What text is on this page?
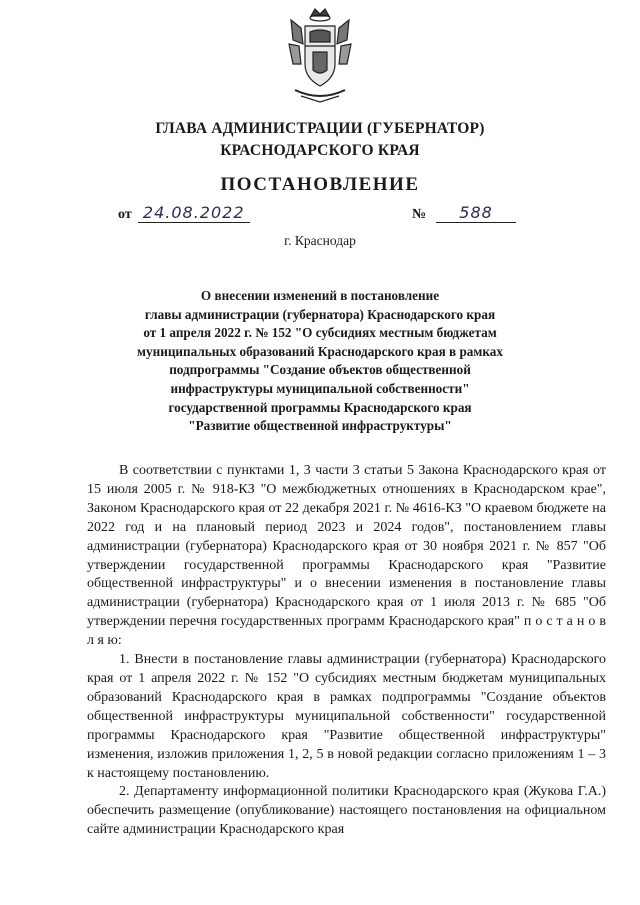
ГЛАВА АДМИНИСТРАЦИИ (ГУБЕРНАТОР)
КРАСНОДАРСКОГО КРАЯ
ПОСТАНОВЛЕНИЕ
от 24.08.2022	№ 588
г. Краснодар
О внесении изменений в постановление
главы администрации (губернатора) Краснодарского края
от 1 апреля 2022 г. № 152 "О субсидиях местным бюджетам
муниципальных образований Краснодарского края в рамках
подпрограммы "Создание объектов общественной
инфраструктуры муниципальной собственности"
государственной программы Краснодарского края
"Развитие общественной инфраструктуры"

В соответствии с пунктами 1, 3 части 3 статьи 5 Закона Краснодарского края от 15 июля 2005 г. № 918-КЗ "О межбюджетных отношениях в Краснодарском крае", Законом Краснодарского края от 22 декабря 2021 г. № 4616-КЗ "О краевом бюджете на 2022 год и на плановый период 2023 и 2024 годов", постановлением главы администрации (губернатора) Краснодарского края от 30 ноября 2021 г. № 857 "Об утверждении государственной программы Краснодарского края "Развитие общественной инфраструктуры" и о внесении изменения в постановление главы администрации (губернатора) Краснодарского края от 1 июля 2013 г. № 685 "Об утверждении перечня государственных программ Краснодарского края" п о с т а н о в л я ю:

1. Внести в постановление главы администрации (губернатора) Краснодарского края от 1 апреля 2022 г. № 152 "О субсидиях местным бюджетам муниципальных образований Краснодарского края в рамках подпрограммы "Создание объектов общественной инфраструктуры муниципальной собственности" государственной программы Краснодарского края "Развитие общественной инфраструктуры" изменения, изложив приложения 1, 2, 5 в новой редакции согласно приложениям 1 – 3 к настоящему постановлению.

2. Департаменту информационной политики Краснодарского края (Жукова Г.А.) обеспечить размещение (опубликование) настоящего постановления на официальном сайте администрации Краснодарского края
